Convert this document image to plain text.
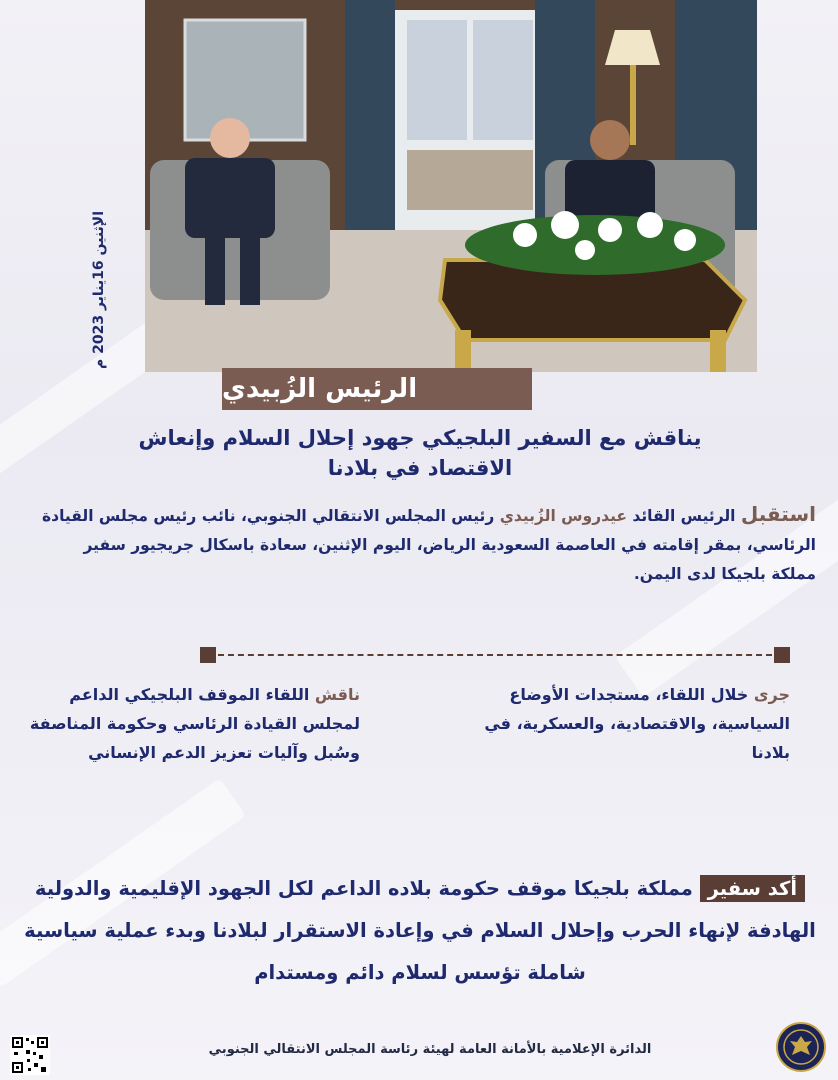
الإثنين 16يناير 2023 م
الرئيس الزُبيدي
يناقش مع السفير البلجيكي جهود إحلال السلام وإنعاش
الاقتصاد في بلادنا
استقبل الرئيس القائد عيدروس الزُبيدي رئيس المجلس الانتقالي الجنوبي، نائب رئيس مجلس القيادة الرئاسي، بمقر إقامته في العاصمة السعودية الرياض، اليوم الإثنين، سعادة باسكال جريجيور سفير مملكة بلجيكا لدى اليمن.
جرى خلال اللقاء، مستجدات الأوضاع السياسية، والاقتصادية، والعسكرية، في بلادنا
ناقش اللقاء الموقف البلجيكي الداعم لمجلس القيادة الرئاسي وحكومة المناصفة وسُبل وآليات تعزيز الدعم الإنساني
أكد سفير مملكة بلجيكا موقف حكومة بلاده الداعم لكل الجهود الإقليمية والدولية الهادفة لإنهاء الحرب وإحلال السلام في وإعادة الاستقرار لبلادنا وبدء عملية سياسية شاملة تؤسس لسلام دائم ومستدام
الدائرة الإعلامية بالأمانة العامة لهيئة رئاسة المجلس الانتقالي الجنوبي
